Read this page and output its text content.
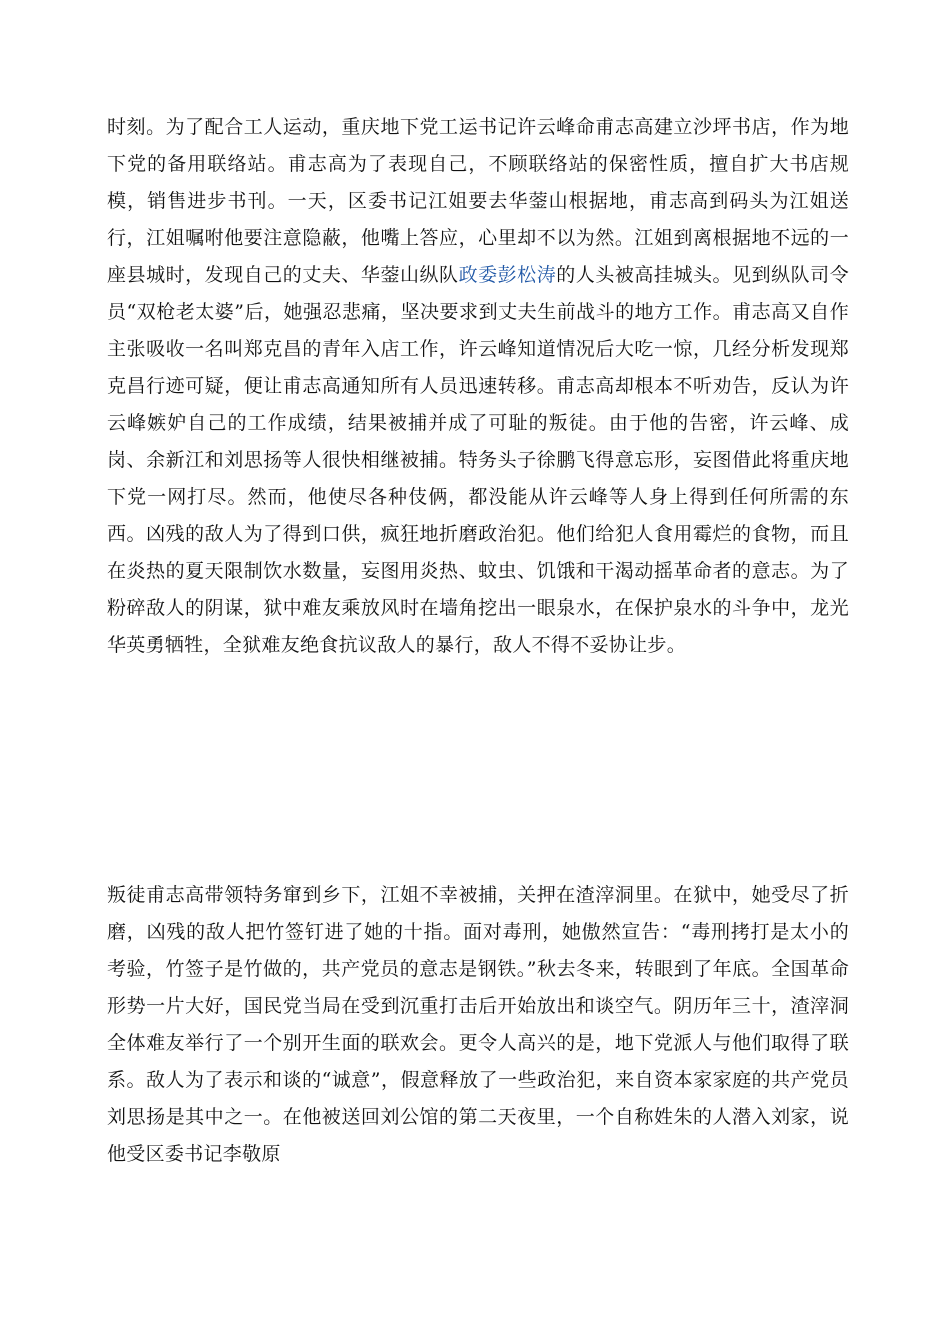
时刻。为了配合工人运动，重庆地下党工运书记许云峰命甫志高建立沙坪书店，作为地下党的备用联络站。甫志高为了表现自己，不顾联络站的保密性质，擅自扩大书店规模，销售进步书刊。一天，区委书记江姐要去华蓥山根据地，甫志高到码头为江姐送行，江姐嘱咐他要注意隐蔽，他嘴上答应，心里却不以为然。江姐到离根据地不远的一座县城时，发现自己的丈夫、华蓥山纵队政委彭松涛的人头被高挂城头。见到纵队司令员“双枪老太婆”后，她强忍悲痛，坚决要求到丈夫生前战斗的地方工作。甫志高又自作主张吸收一名叫郑克昌的青年入店工作，许云峰知道情况后大吃一惊，几经分析发现郑克昌行迹可疑，便让甫志高通知所有人员迅速转移。甫志高却根本不听劝告，反认为许云峰嫉妒自己的工作成绩，结果被捕并成了可耻的叛徒。由于他的告密，许云峰、成岗、余新江和刘思扬等人很快相继被捕。特务头子徐鹏飞得意忘形，妄图借此将重庆地下党一网打尽。然而，他使尽各种伎俩，都没能从许云峰等人身上得到任何所需的东西。凶残的敌人为了得到口供，疯狂地折磨政治犯。他们给犯人食用霉烂的食物，而且在炎热的夏天限制饮水数量，妄图用炎热、蚊虫、饥饿和干渴动摇革命者的意志。为了粉碎敌人的阴谋，狱中难友乘放风时在墙角挖出一眼泉水，在保护泉水的斗争中，龙光华英勇牺牲，全狱难友绝食抗议敌人的暴行，敌人不得不妥协让步。

叛徒甫志高带领特务窜到乡下，江姐不幸被捕，关押在渣滓洞里。在狱中，她受尽了折磨，凶残的敌人把竹签钉进了她的十指。面对毒刑，她傲然宣告：“毒刑拷打是太小的考验，竹签子是竹做的，共产党员的意志是钢铁。”秋去冬来，转眼到了年底。全国革命形势一片大好，国民党当局在受到沉重打击后开始放出和谈空气。阴历年三十，渣滓洞全体难友举行了一个别开生面的联欢会。更令人高兴的是，地下党派人与他们取得了联系。敌人为了表示和谈的“诚意”，假意释放了一些政治犯，来自资本家家庭的共产党员刘思扬是其中之一。在他被送回刘公馆的第二天夜里，一个自称姓朱的人潜入刘家，说他受区委书记李敬原
